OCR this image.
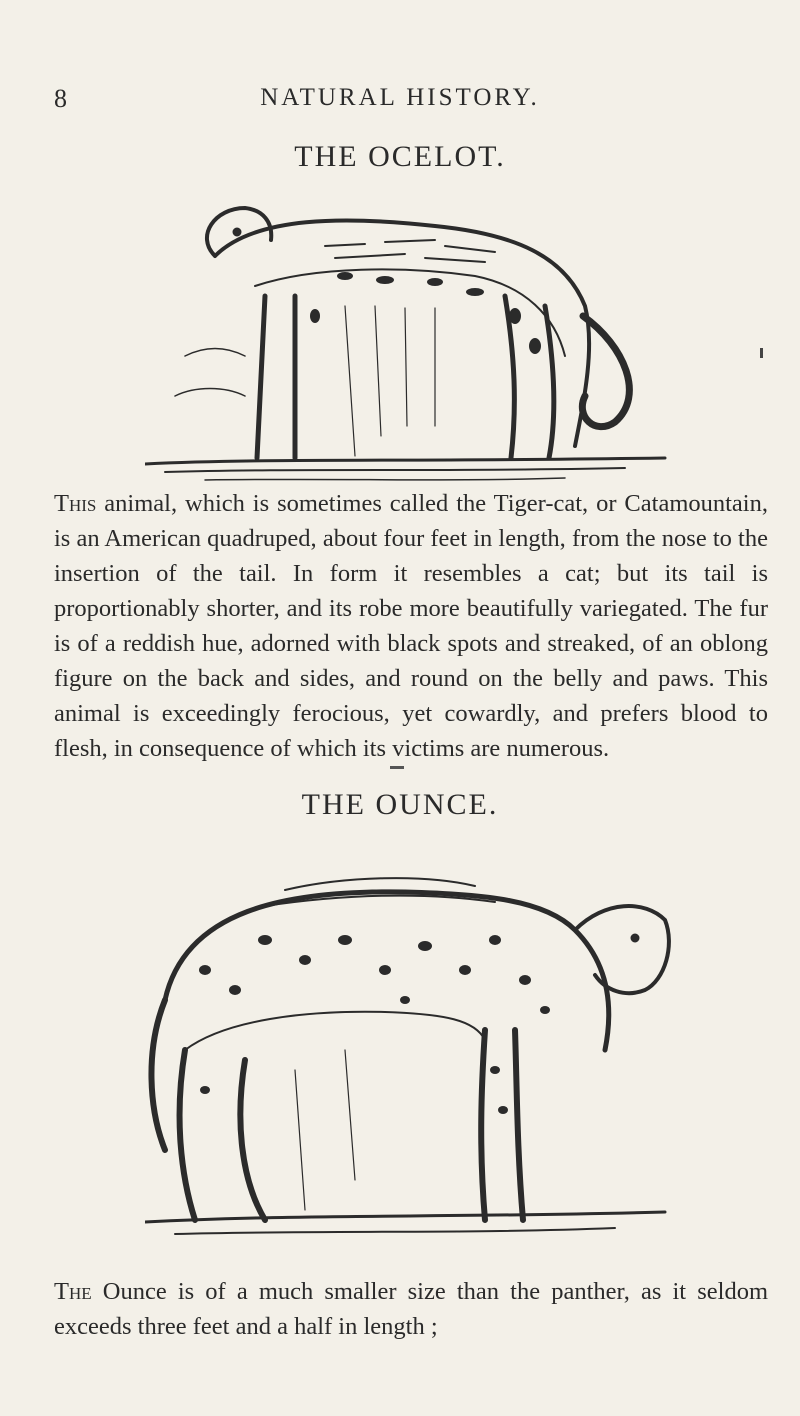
8	NATURAL HISTORY.
THE OCELOT.

This animal, which is sometimes called the Tiger-cat, or Catamountain, is an American quadruped, about four feet in length, from the nose to the insertion of the tail. In form it resembles a cat; but its tail is proportionably shorter, and its robe more beautifully variegated. The fur is of a reddish hue, adorned with black spots and streaked, of an oblong figure on the back and sides, and round on the belly and paws. This animal is exceedingly ferocious, yet cowardly, and prefers blood to flesh, in consequence of which its victims are numerous.

THE OUNCE.

The Ounce is of a much smaller size than the panther, as it seldom exceeds three feet and a half in length ;
